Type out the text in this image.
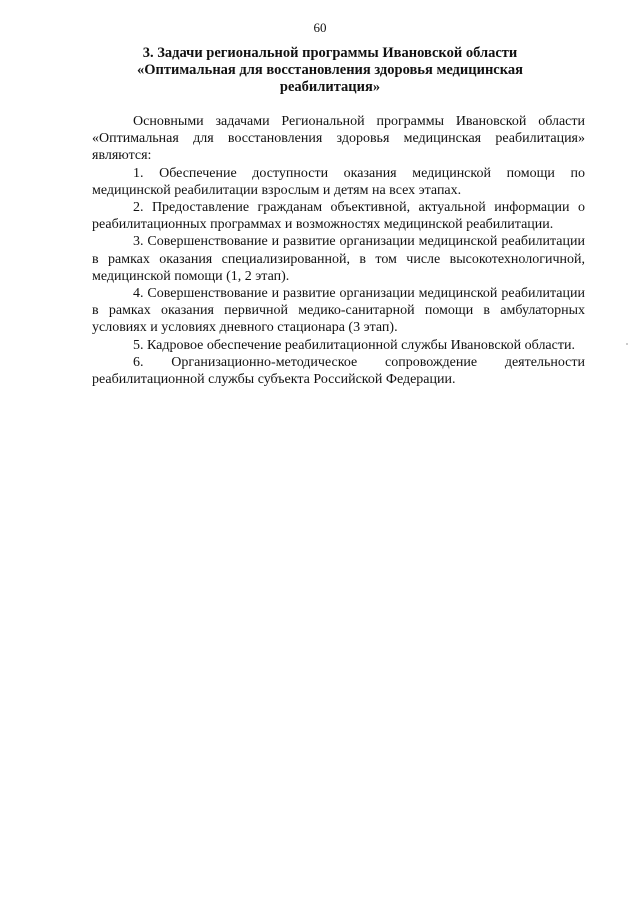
60
3. Задачи региональной программы Ивановской области
«Оптимальная для восстановления здоровья медицинская
реабилитация»

Основными задачами Региональной программы Ивановской области «Оптимальная для восстановления здоровья медицинская реабилитация» являются:

1. Обеспечение доступности оказания медицинской помощи по медицинской реабилитации взрослым и детям на всех этапах.

2. Предоставление гражданам объективной, актуальной информации о реабилитационных программах и возможностях медицинской реабилитации.

3. Совершенствование и развитие организации медицинской реабилитации в рамках оказания специализированной, в том числе высокотехнологичной, медицинской помощи (1, 2 этап).

4. Совершенствование и развитие организации медицинской реабилитации в рамках оказания первичной медико-санитарной помощи в амбулаторных условиях и условиях дневного стационара (3 этап).

5. Кадровое обеспечение реабилитационной службы Ивановской области.

6. Организационно-методическое сопровождение деятельности реабилитационной службы субъекта Российской Федерации.
